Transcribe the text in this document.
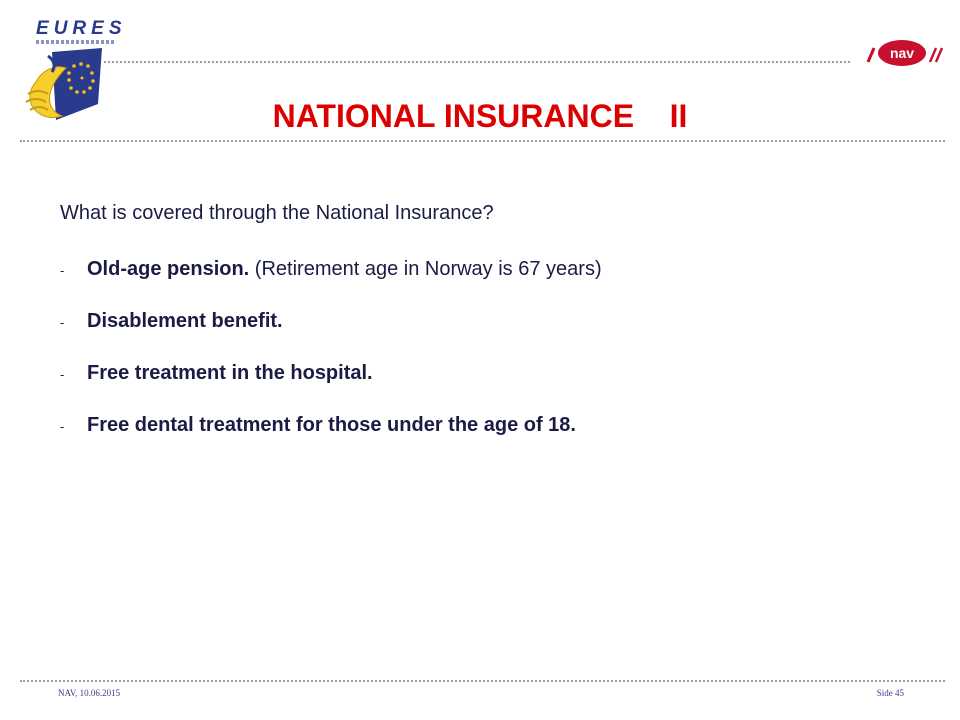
E U R E S
nav
NATIONAL INSURANCE    II

What is covered through the National Insurance?

-	Old-age pension. (Retirement age in Norway is 67 years)
-	Disablement benefit.
-	Free treatment in the hospital.
-	Free dental treatment for those under the age of 18.
NAV, 10.06.2015	Side 45
